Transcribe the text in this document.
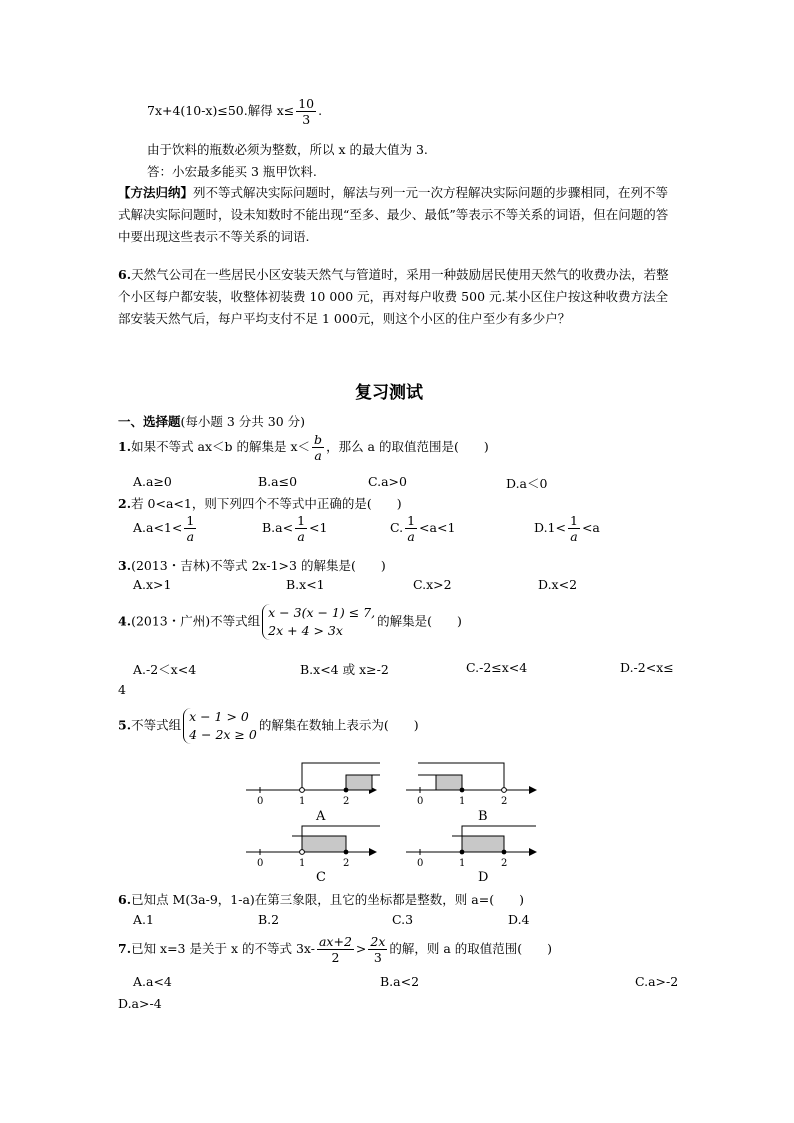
7x+4(10-x)≤50.解得 $x\le \frac{10}{3}$ .
由于饮料的瓶数必须为整数，所以 x 的最大值为 3.
答：小宏最多能买 3 瓶甲饮料.
【方法归纳】列不等式解决实际问题时，解法与列一元一次方程解决实际问题的步骤相同，在列不等式解决实际问题时，设未知数时不能出现“至多、最少、最低”等表示不等关系的词语，但在问题的答中要出现这些表示不等关系的词语.
6.天然气公司在一些居民小区安装天然气与管道时，采用一种鼓励居民使用天然气的收费办法，若整个小区每户都安装，收整体初装费 10 000 元，再对每户收费 500 元.某小区住户按这种收费方法全部安装天然气后，每户平均支付不足 1 000元，则这个小区的住户至少有多少户？
复习测试
一、选择题(每小题 3 分共 30 分)
1.如果不等式 ax＜b 的解集是 $x< \frac{b}{a}$ ，那么 a 的取值范围是(　　)
A.a≥0	B.a≤0	C.a>0	D.a＜0
2.若 0<a<1，则下列四个不等式中正确的是(　　)
$A.a<1< \frac{1}{a}$	$B.a< \frac{1}{a} <1$	C. $\frac{1}{a} <a<1$	$D.1< \frac{1}{a} <a$
3.(2013・吉林)不等式 2x-1>3 的解集是(　　)
A.x>1	B.x<1	C.x>2	D.x<2
4.(2013・广州)不等式组
x − 3(x − 1) ≤ 7,
2x + 4 > 3x
的解集是(　　)
A.-2＜x<4	B.x<4 或 x≥-2	C.-2≤x<4	D.-2<x≤
4
5.不等式组
x − 1 > 0
4 − 2x ≥ 0
的解集在数轴上表示为(　　)
0	1	2
A
0	1	2
B
0	1	2
C
0	1	2
D
6.已知点 M(3a-9，1-a)在第三象限，且它的坐标都是整数，则 a=(　　)
A.1	B.2	C.3	D.4
7.已知 x=3 是关于 x 的不等式 $3x- \frac{ax+2}{2} > \frac{2x}{3}$ 的解，则 a 的取值范围(　　)
A.a<4	B.a<2	C.a>-2
D.a>-4
